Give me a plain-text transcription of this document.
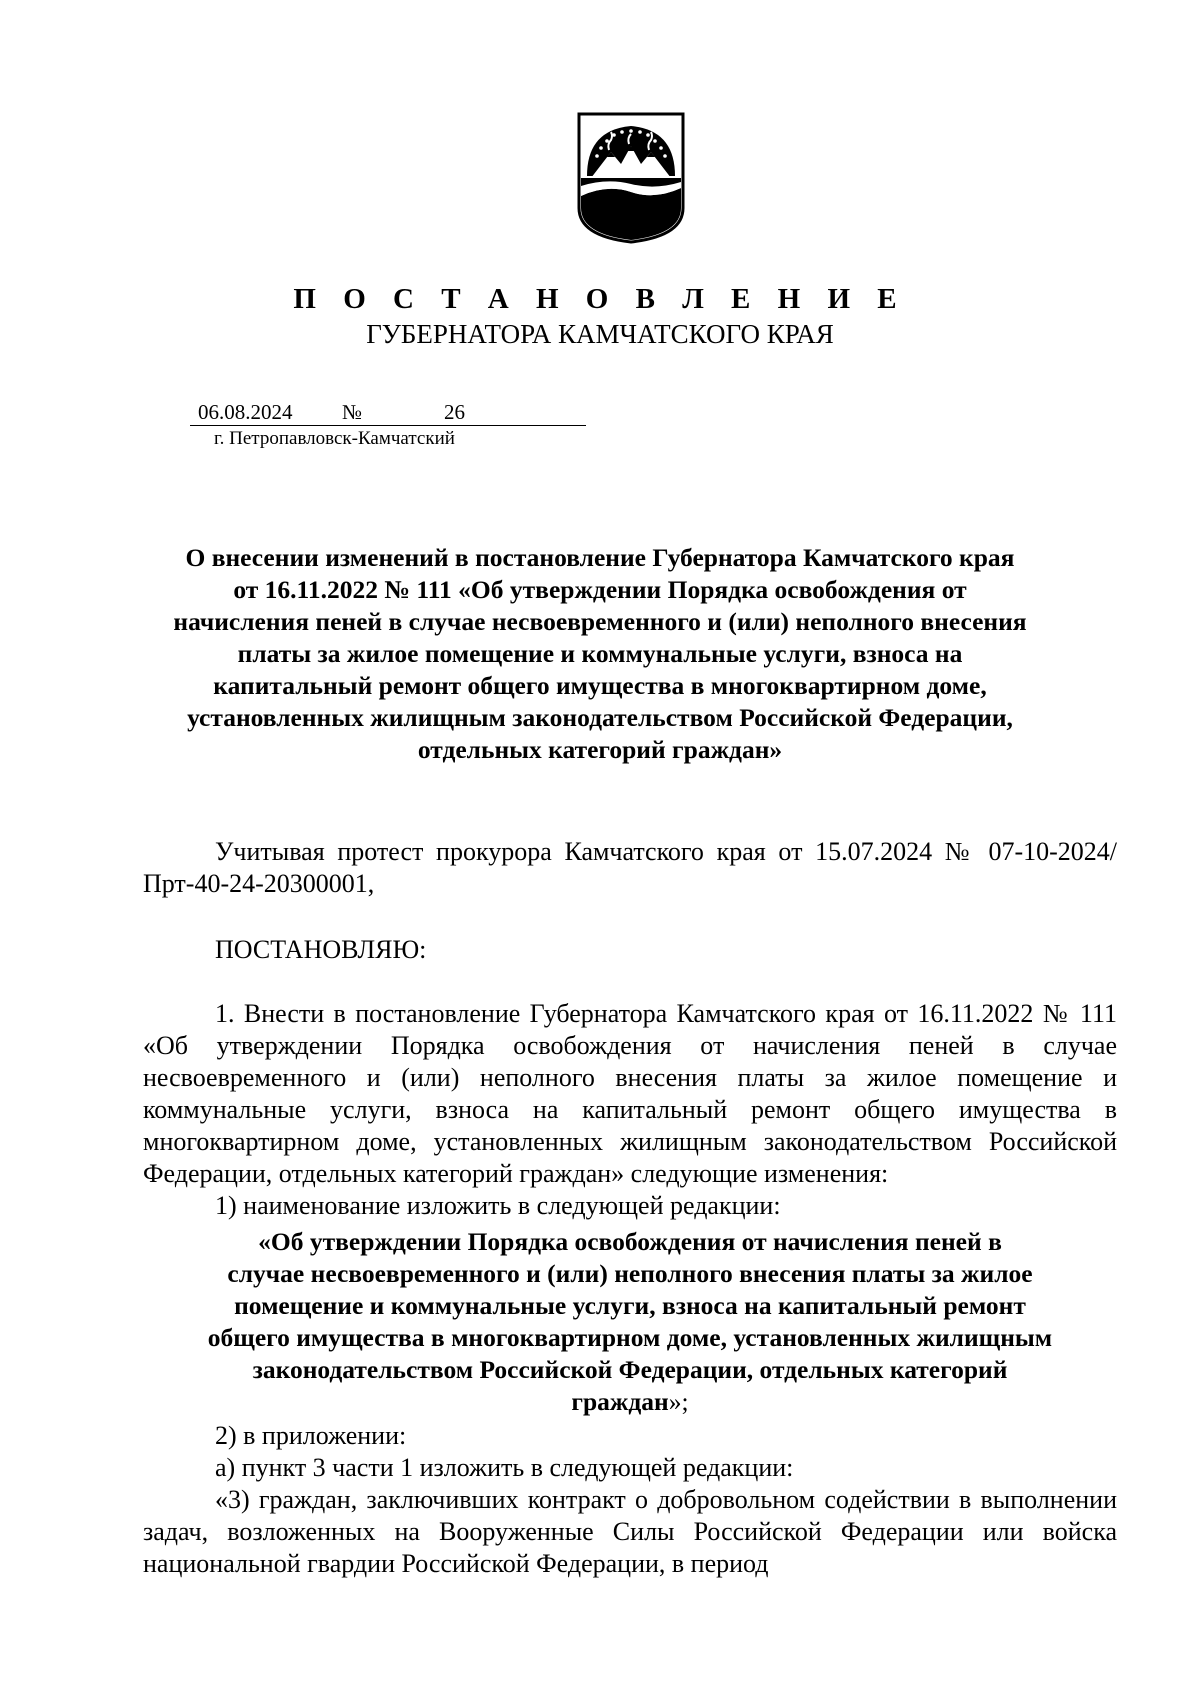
П О С Т А Н О В Л Е Н И Е
ГУБЕРНАТОРА КАМЧАТСКОГО КРАЯ
06.08.2024 №	26
г. Петропавловск-Камчатский
О внесении изменений в постановление Губернатора Камчатского края
от 16.11.2022 № 111 «Об утверждении Порядка освобождения от
начисления пеней в случае несвоевременного и (или) неполного внесения
платы за жилое помещение и коммунальные услуги, взноса на
капитальный ремонт общего имущества в многоквартирном доме,
установленных жилищным законодательством Российской Федерации,
отдельных категорий граждан»

Учитывая протест прокурора Камчатского края от 15.07.2024 № 07-10-2024/Прт-40-24-20300001,

ПОСТАНОВЛЯЮ:

1. Внести в постановление Губернатора Камчатского края от 16.11.2022 № 111 «Об утверждении Порядка освобождения от начисления пеней в случае несвоевременного и (или) неполного внесения платы за жилое помещение и коммунальные услуги, взноса на капитальный ремонт общего имущества в многоквартирном доме, установленных жилищным законодательством Российской Федерации, отдельных категорий граждан» следующие изменения:

1) наименование изложить в следующей редакции:

«Об утверждении Порядка освобождения от начисления пеней в
случае несвоевременного и (или) неполного внесения платы за жилое
помещение и коммунальные услуги, взноса на капитальный ремонт
общего имущества в многоквартирном доме, установленных жилищным
законодательством Российской Федерации, отдельных категорий
граждан»;

2) в приложении:

а) пункт 3 части 1 изложить в следующей редакции:

«3) граждан, заключивших контракт о добровольном содействии в выполнении задач, возложенных на Вооруженные Силы Российской Федерации или войска национальной гвардии Российской Федерации, в период
